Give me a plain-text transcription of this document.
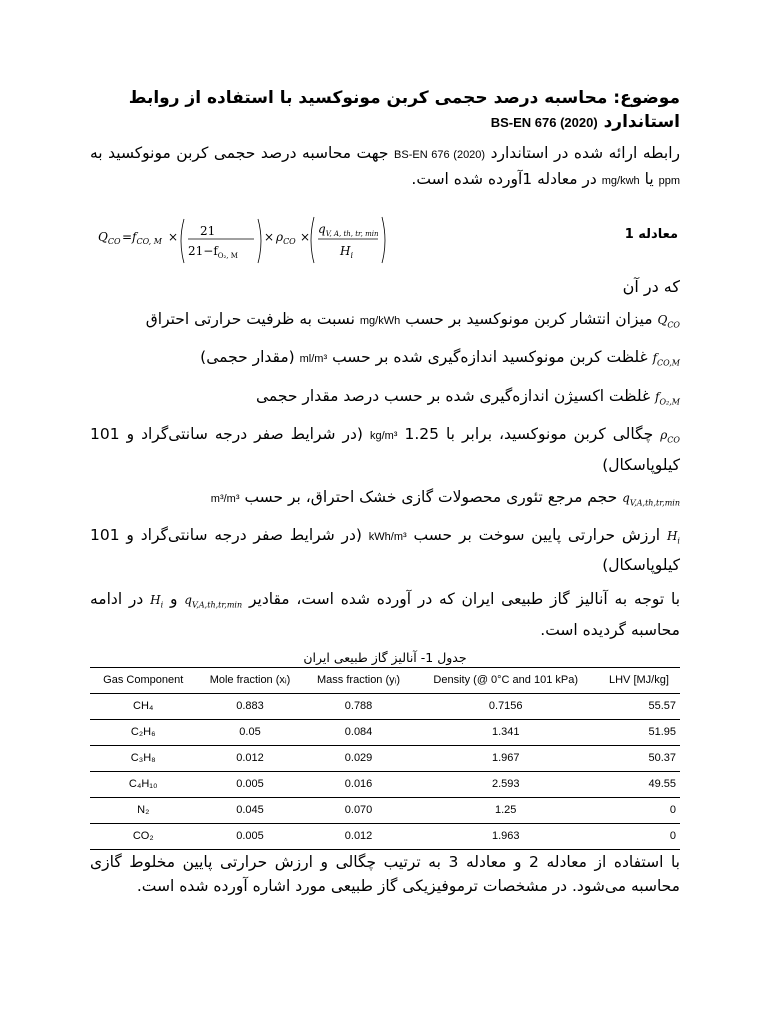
موضوع: محاسبه درصد حجمی کربن مونوکسید با استفاده از روابط
استاندارد BS-EN 676 (2020)
رابطه ارائه شده در استاندارد BS-EN 676 (2020) جهت محاسبه درصد حجمی کربن مونوکسید به ppm یا mg/kwh در معادله 1آورده شده است.
معادله 1
$Q_{CO} = f_{CO, M} \times 21$
$21-f_{O_2, M}$
× $\rho_{CO}$ ×
$q_{V, A, th, tr, min}$
$H_i$
که در آن
$Q_{CO}$ میزان انتشار کربن مونوکسید بر حسب mg/kWh نسبت به ظرفیت حرارتی احتراق
$f_{CO,M}$ غلظت کربن مونوکسید اندازه‌گیری شده بر حسب ml/m³ (مقدار حجمی)
$f_{O_2,M}$ غلظت اکسیژن اندازه‌گیری شده بر حسب درصد مقدار حجمی
$\rho_{CO}$ چگالی کربن مونوکسید، برابر با 1.25 kg/m³ (در شرایط صفر درجه سانتی‌گراد و 101 کیلوپاسکال)
$q_{V,A,th,tr,min}$ حجم مرجع تئوری محصولات گازی خشک احتراق، بر حسب m³/m³
$H_i$ ارزش حرارتی پایین سوخت بر حسب kWh/m³ (در شرایط صفر درجه سانتی‌گراد و 101 کیلوپاسکال)
با توجه به آنالیز گاز طبیعی ایران که در آورده شده است، مقادیر $q_{V,A,th,tr,min}$ و $H_i$ در ادامه محاسبه گردیده است.
جدول 1- آنالیز گاز طبیعی ایران
Gas Component	Mole fraction (xᵢ)	Mass fraction (yᵢ)	Density (@ 0°C and 101 kPa)	LHV [MJ/kg]
CH₄	0.883	0.788	0.7156	55.57
C₂H₆	0.05	0.084	1.341	51.95
C₃H₈	0.012	0.029	1.967	50.37
C₄H₁₀	0.005	0.016	2.593	49.55
N₂	0.045	0.070	1.25	0
CO₂	0.005	0.012	1.963	0
با استفاده از معادله 2 و معادله 3 به ترتیب چگالی و ارزش حرارتی پایین مخلوط گازی محاسبه می‌شود. در مشخصات ترموفیزیکی گاز طبیعی مورد اشاره آورده شده است.
